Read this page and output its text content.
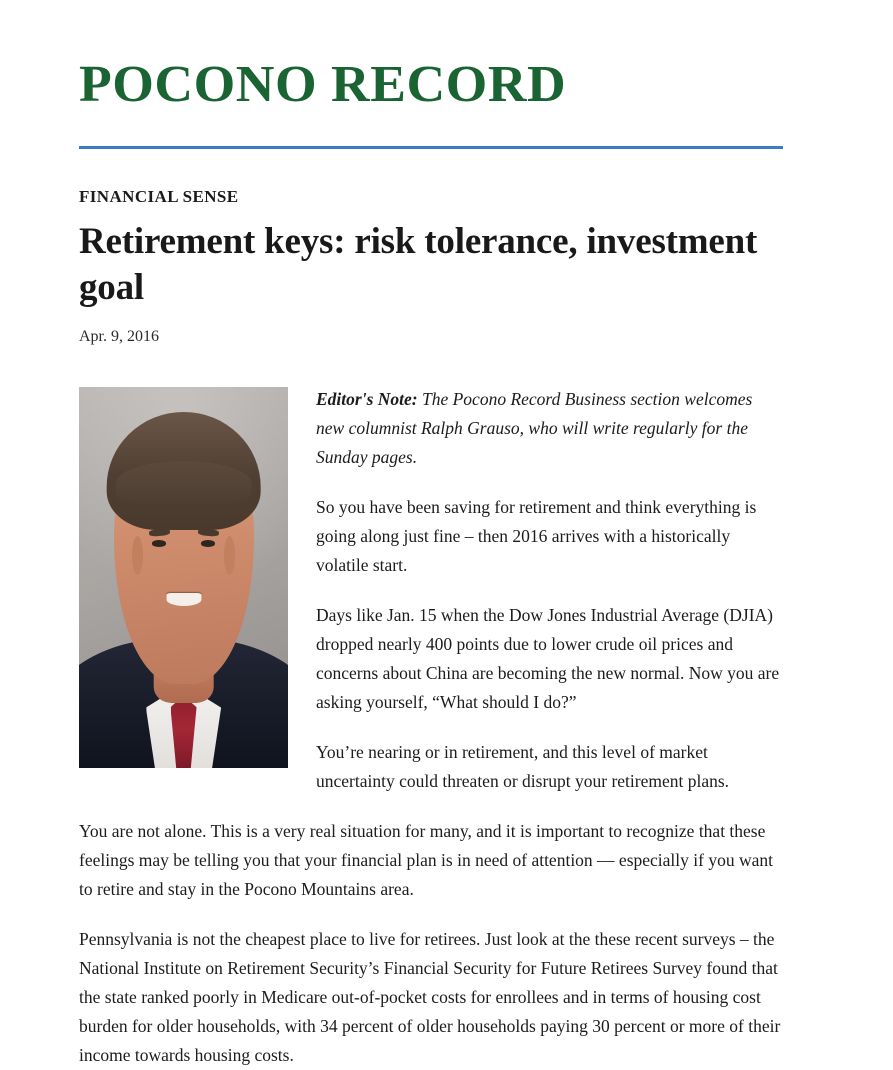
POCONO RECORD
FINANCIAL SENSE
Retirement keys: risk tolerance, investment goal
Apr. 9, 2016

Editor's Note: The Pocono Record Business section welcomes new columnist Ralph Grauso, who will write regularly for the Sunday pages.

So you have been saving for retirement and think everything is going along just fine – then 2016 arrives with a historically volatile start.

Days like Jan. 15 when the Dow Jones Industrial Average (DJIA) dropped nearly 400 points due to lower crude oil prices and concerns about China are becoming the new normal. Now you are asking yourself, “What should I do?”

You’re nearing or in retirement, and this level of market uncertainty could threaten or disrupt your retirement plans.

You are not alone. This is a very real situation for many, and it is important to recognize that these feelings may be telling you that your financial plan is in need of attention — especially if you want to retire and stay in the Pocono Mountains area.

Pennsylvania is not the cheapest place to live for retirees. Just look at the these recent surveys – the National Institute on Retirement Security’s Financial Security for Future Retirees Survey found that the state ranked poorly in Medicare out-of-pocket costs for enrollees and in terms of housing cost burden for older households, with 34 percent of older households paying 30 percent or more of their income towards housing costs.
